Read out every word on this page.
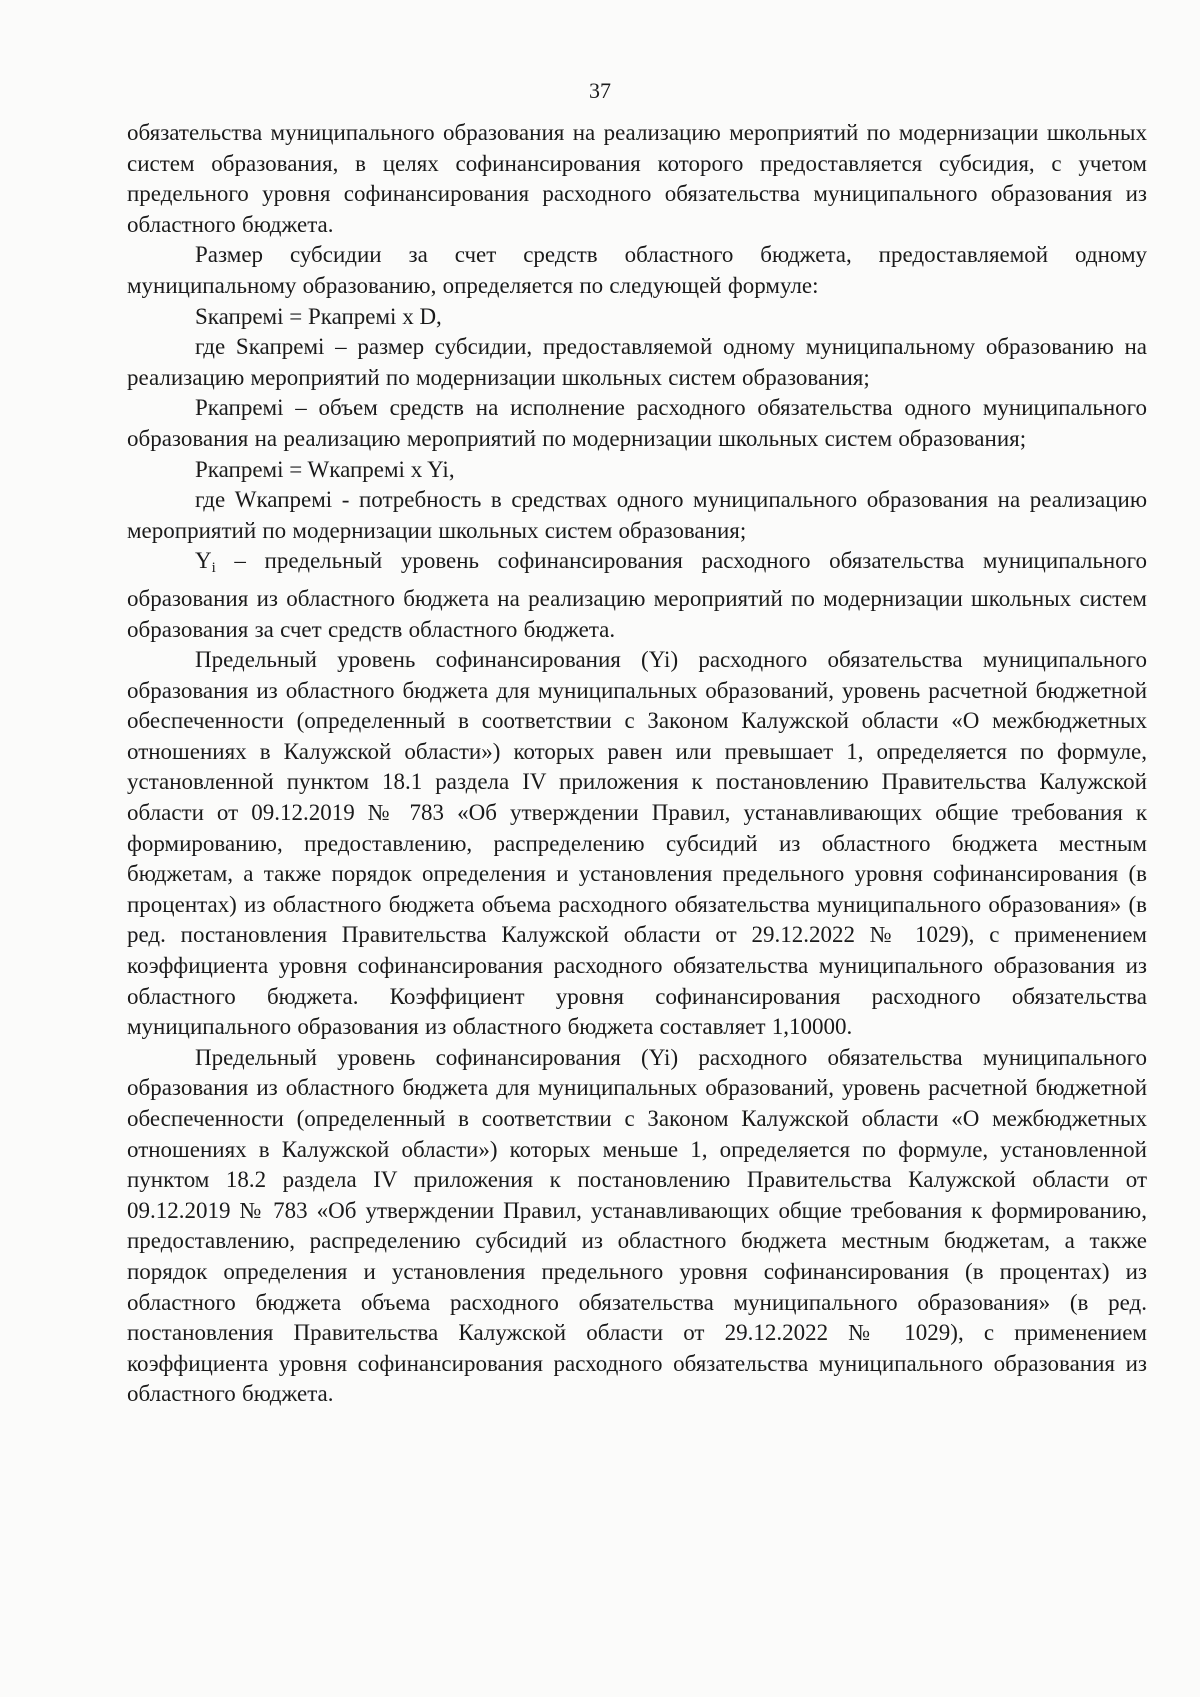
37

обязательства муниципального образования на реализацию мероприятий по модернизации школьных систем образования, в целях софинансирования которого предоставляется субсидия, с учетом предельного уровня софинансирования расходного обязательства муниципального образования из областного бюджета.

Размер субсидии за счет средств областного бюджета, предоставляемой одному муниципальному образованию, определяется по следующей формуле:

Sкапремi = Pкапремi x D,

где Sкапремi – размер субсидии, предоставляемой одному муниципальному образованию на реализацию мероприятий по модернизации школьных систем образования;

Pкапремi – объем средств на исполнение расходного обязательства одного муниципального образования на реализацию мероприятий по модернизации школьных систем образования;

Pкапремi = Wкапремi x Yi,

где Wкапремi - потребность в средствах одного муниципального образования на реализацию мероприятий по модернизации школьных систем образования;

$Y_i$ – предельный уровень софинансирования расходного обязательства муниципального образования из областного бюджета на реализацию мероприятий по модернизации школьных систем образования за счет средств областного бюджета.

Предельный уровень софинансирования (Yi) расходного обязательства муниципального образования из областного бюджета для муниципальных образований, уровень расчетной бюджетной обеспеченности (определенный в соответствии с Законом Калужской области «О межбюджетных отношениях в Калужской области») которых равен или превышает 1, определяется по формуле, установленной пунктом 18.1 раздела IV приложения к постановлению Правительства Калужской области от 09.12.2019 № 783 «Об утверждении Правил, устанавливающих общие требования к формированию, предоставлению, распределению субсидий из областного бюджета местным бюджетам, а также порядок определения и установления предельного уровня софинансирования (в процентах) из областного бюджета объема расходного обязательства муниципального образования» (в ред. постановления Правительства Калужской области от 29.12.2022 № 1029), с применением коэффициента уровня софинансирования расходного обязательства муниципального образования из областного бюджета. Коэффициент уровня софинансирования расходного обязательства муниципального образования из областного бюджета составляет 1,10000.

Предельный уровень софинансирования (Yi) расходного обязательства муниципального образования из областного бюджета для муниципальных образований, уровень расчетной бюджетной обеспеченности (определенный в соответствии с Законом Калужской области «О межбюджетных отношениях в Калужской области») которых меньше 1, определяется по формуле, установленной пунктом 18.2 раздела IV приложения к постановлению Правительства Калужской области от 09.12.2019 № 783 «Об утверждении Правил, устанавливающих общие требования к формированию, предоставлению, распределению субсидий из областного бюджета местным бюджетам, а также порядок определения и установления предельного уровня софинансирования (в процентах) из областного бюджета объема расходного обязательства муниципального образования» (в ред. постановления Правительства Калужской области от 29.12.2022 № 1029), с применением коэффициента уровня софинансирования расходного обязательства муниципального образования из областного бюджета.
